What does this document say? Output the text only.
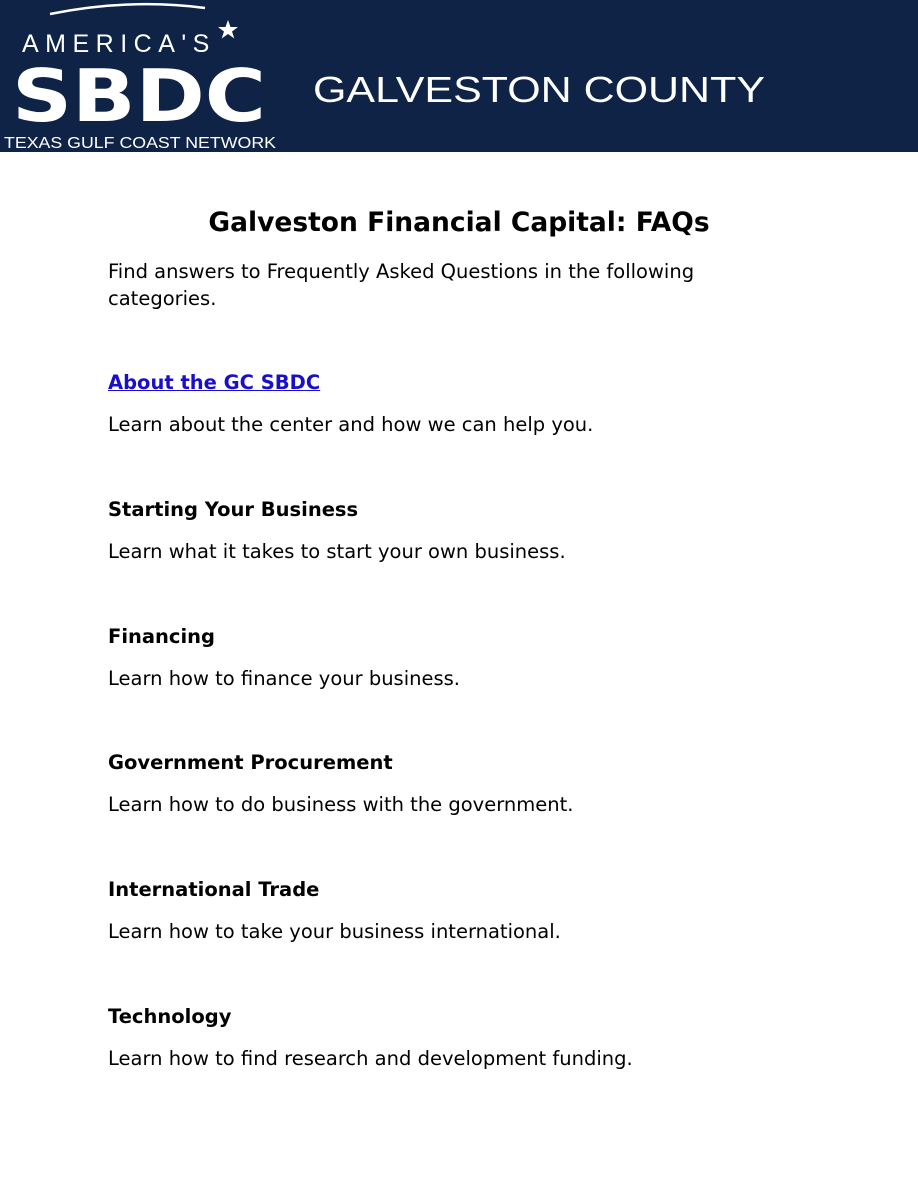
AMERICA'S
SBDC
TEXAS GULF COAST NETWORK
GALVESTON COUNTY
Galveston Financial Capital: FAQs

Find answers to Frequently Asked Questions in the following categories.

About the GC SBDC
Learn about the center and how we can help you.
Starting Your Business
Learn what it takes to start your own business.
Financing
Learn how to finance your business.
Government Procurement
Learn how to do business with the government.
International Trade
Learn how to take your business international.
Technology
Learn how to find research and development funding.
